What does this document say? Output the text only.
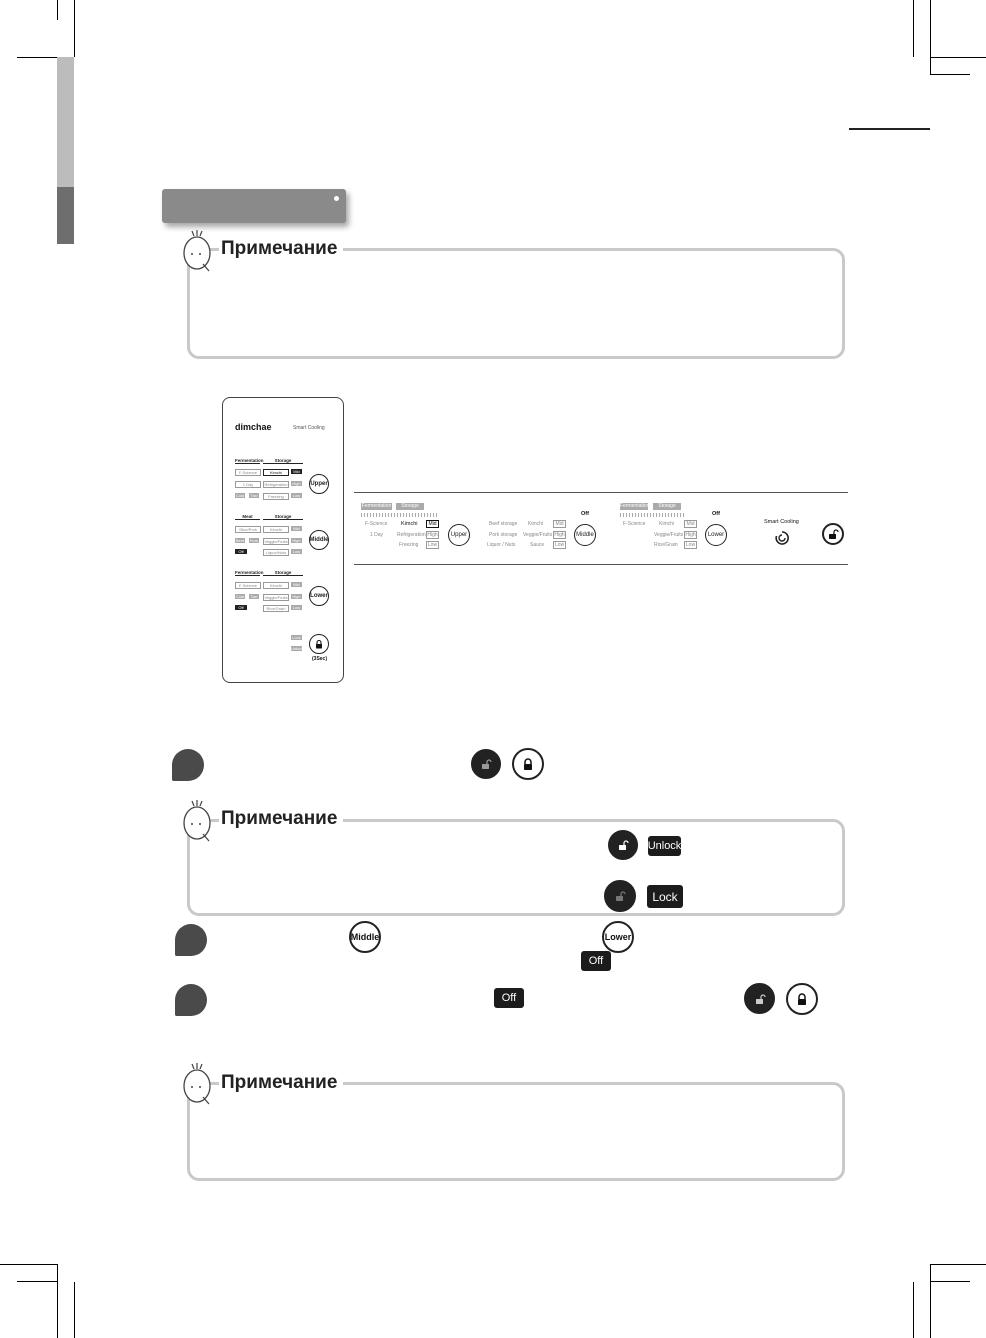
Примечание
dimchae	Smart Cooling
Fermentation	Storage
F-Science
1 Day
Cola	Taxi
Kimchi
Refrigeration
Freezing
Mid
High
Low
Upper
Meat	Storage
Slice/Pork
Beef Pork
Off
Kimchi
Veggie/Fruits
Liquor/Nuts
Mid
High
Low
Middle
Fermentation	Storage
F-Science
Cola	Taxi
Off
Kimchi
Veggie/Fruits
Rice/Grain
Mid
High
Low
Lower
Lock
Unlock
(3Sec)
Fermentation	Storage
F-Science
1 Day
Kimchi
Refrigeration
Freezing
Mid
High
Low
Upper
Off
Beef storage
Pork storage
Liquor / Nuts
Kimchi
Veggie/Fruits
Sauce
Mid
High
Low
Middle
Fermentation	Storage
Off
F-Science	Kimchi
Veggie/Fruits
Rice/Grain
Mid
High
Low
Lower
Smart Cooling
Примечание
Unlock
Lock
Middle	Lower
Off
Off
Примечание
